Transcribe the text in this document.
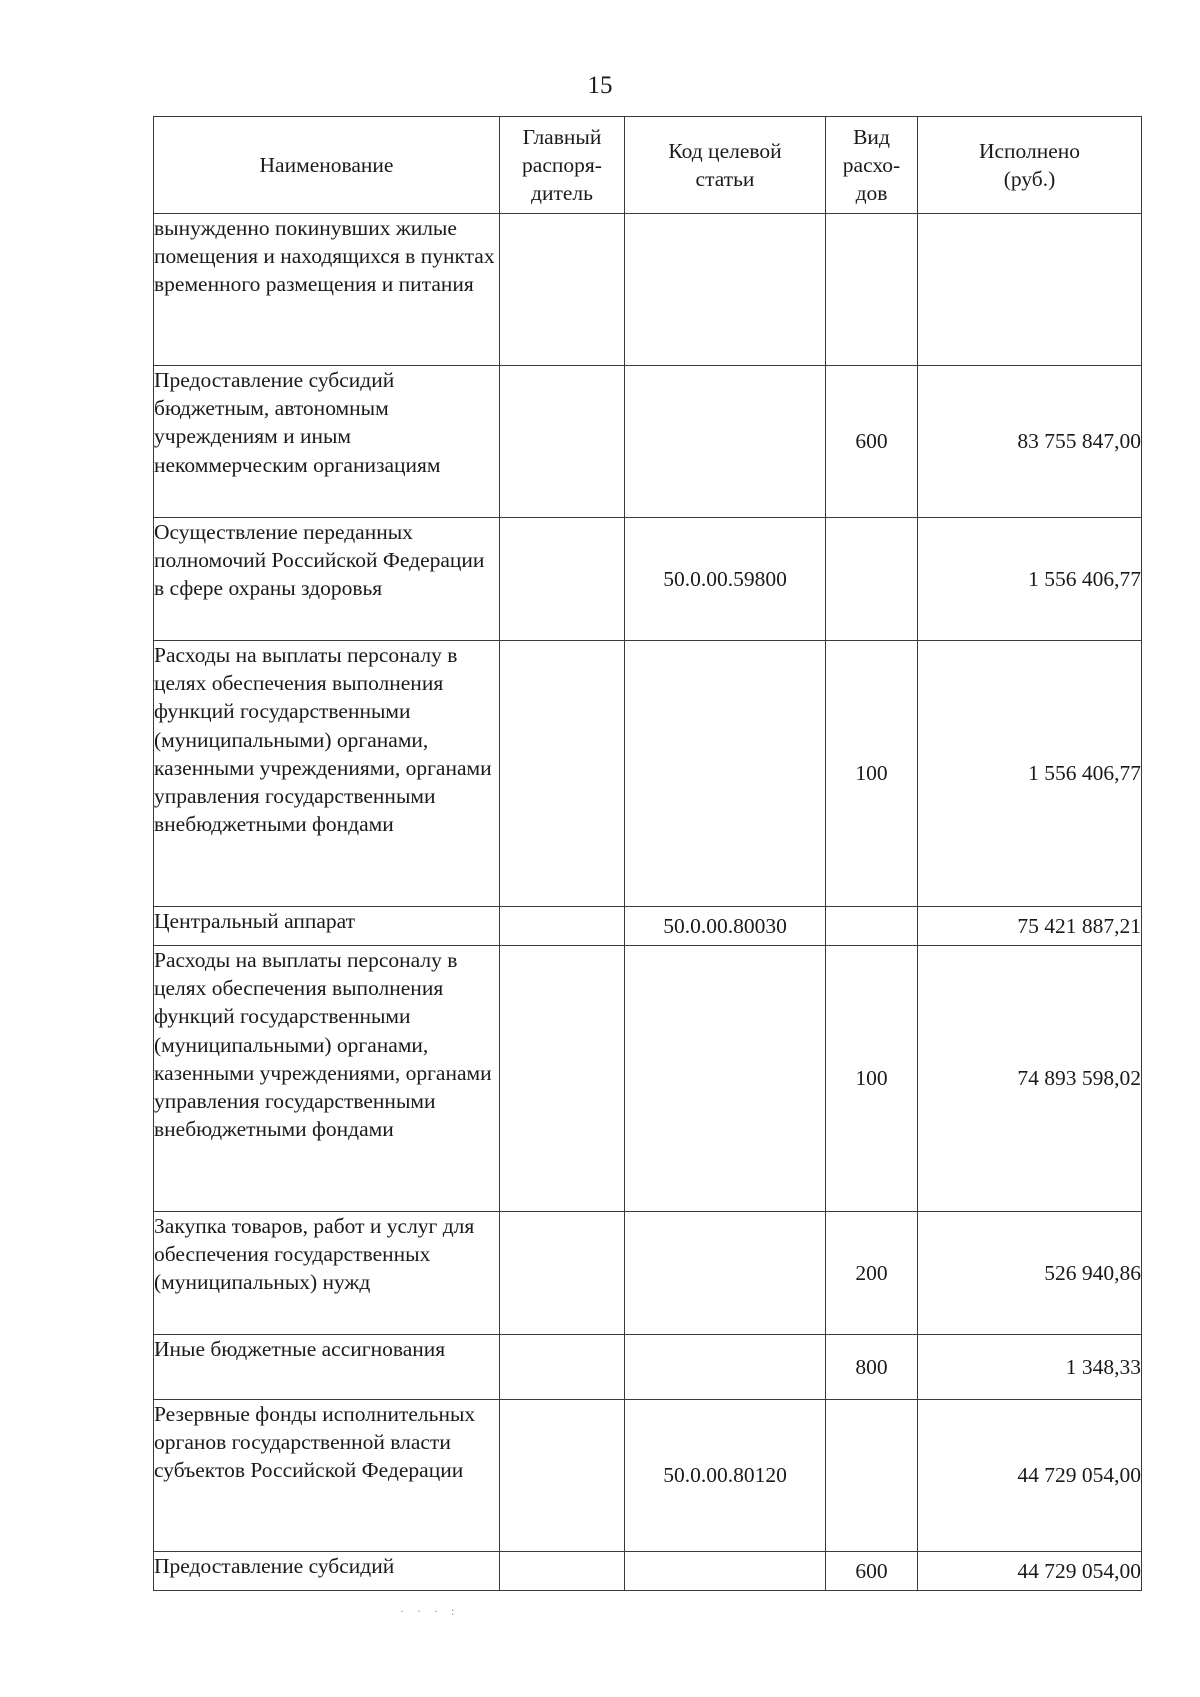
15
Наименование	Главный распоря-дитель	Код целевой статьи	Вид расхо-дов	Исполнено (руб.)

вынужденно покинувших жилые помещения и находящихся в пунктах временного размещения и питания				
Предоставление субсидий бюджетным, автономным учреждениям и иным некоммерческим организациям			600	83 755 847,00
Осуществление переданных полномочий Российской Федерации в сфере охраны здоровья		50.0.00.59800		1 556 406,77
Расходы на выплаты персоналу в целях обеспечения выполнения функций государственными (муниципальными) органами, казенными учреждениями, органами управления государственными внебюджетными фондами			100	1 556 406,77
Центральный аппарат		50.0.00.80030		75 421 887,21
Расходы на выплаты персоналу в целях обеспечения выполнения функций государственными (муниципальными) органами, казенными учреждениями, органами управления государственными внебюджетными фондами			100	74 893 598,02
Закупка товаров, работ и услуг для обеспечения государственных (муниципальных) нужд			200	526 940,86
Иные бюджетные ассигнования			800	1 348,33
Резервные фонды исполнительных органов государственной власти субъектов Российской Федерации		50.0.00.80120		44 729 054,00
Предоставление субсидий			600	44 729 054,00
· · · :
